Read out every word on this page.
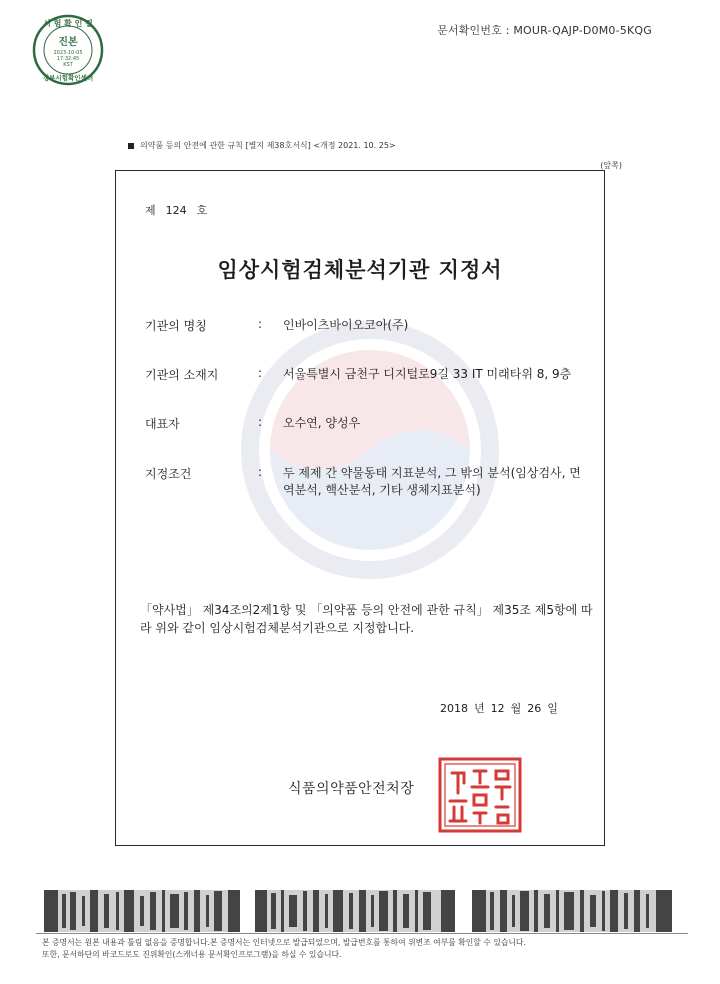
문서확인번호 : MOUR-QAJP-D0M0-5KQG
시 험 확 인 필
진본
2023-10-05
17:32:45
KST
정부시험확인센터
의약품 등의 안전에 관한 규칙 [별지 제38호서식] <개정 2021. 10. 25>
(앞쪽)
제 124 호
임상시험검체분석기관 지정서
기관의 명칭	: 인바이츠바이오코아(주)
기관의 소재지	: 서울특별시 금천구 디지털로9길 33 IT 미래타위 8, 9층
대표자	: 오수연, 양성우
지정조건	: 두 제제 간 약물동태 지표분석, 그 밖의 분석(임상검사, 면역분석, 핵산분석, 기타 생체지표분석)
「약사법」 제34조의2제1항 및 「의약품 등의 안전에 관한 규칙」 제35조 제5항에 따라 위와 같이 임상시험검체분석기관으로 지정합니다.
2018 년 12 월 26 일
식품의약품안전처장
본 증명서는 원본 내용과 틀림 없음을 증명합니다.본 증명서는 인터넷으로 발급되었으며, 발급번호를 통하여 위변조 여부를 확인할 수 있습니다.
또한, 문서하단의 바코드로도 진위확인(스캐너용 문서확인프로그램)을 하실 수 있습니다.
